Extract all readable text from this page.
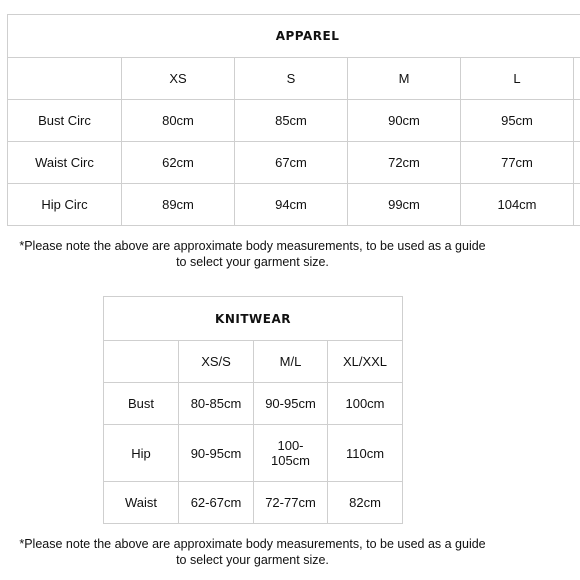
APPAREL					
	XS	S	M	L	
Bust Circ	80cm	85cm	90cm	95cm	
Waist Circ	62cm	67cm	72cm	77cm	
Hip Circ	89cm	94cm	99cm	104cm	
*Please note the above are approximate body measurements, to be used as a guide
to select your garment size.
KNITWEAR			
	XS/S	M/L	XL/XXL
Bust	80-85cm	90-95cm	100cm
Hip	90-95cm	100-105cm	110cm
Waist	62-67cm	72-77cm	82cm
*Please note the above are approximate body measurements, to be used as a guide
to select your garment size.
